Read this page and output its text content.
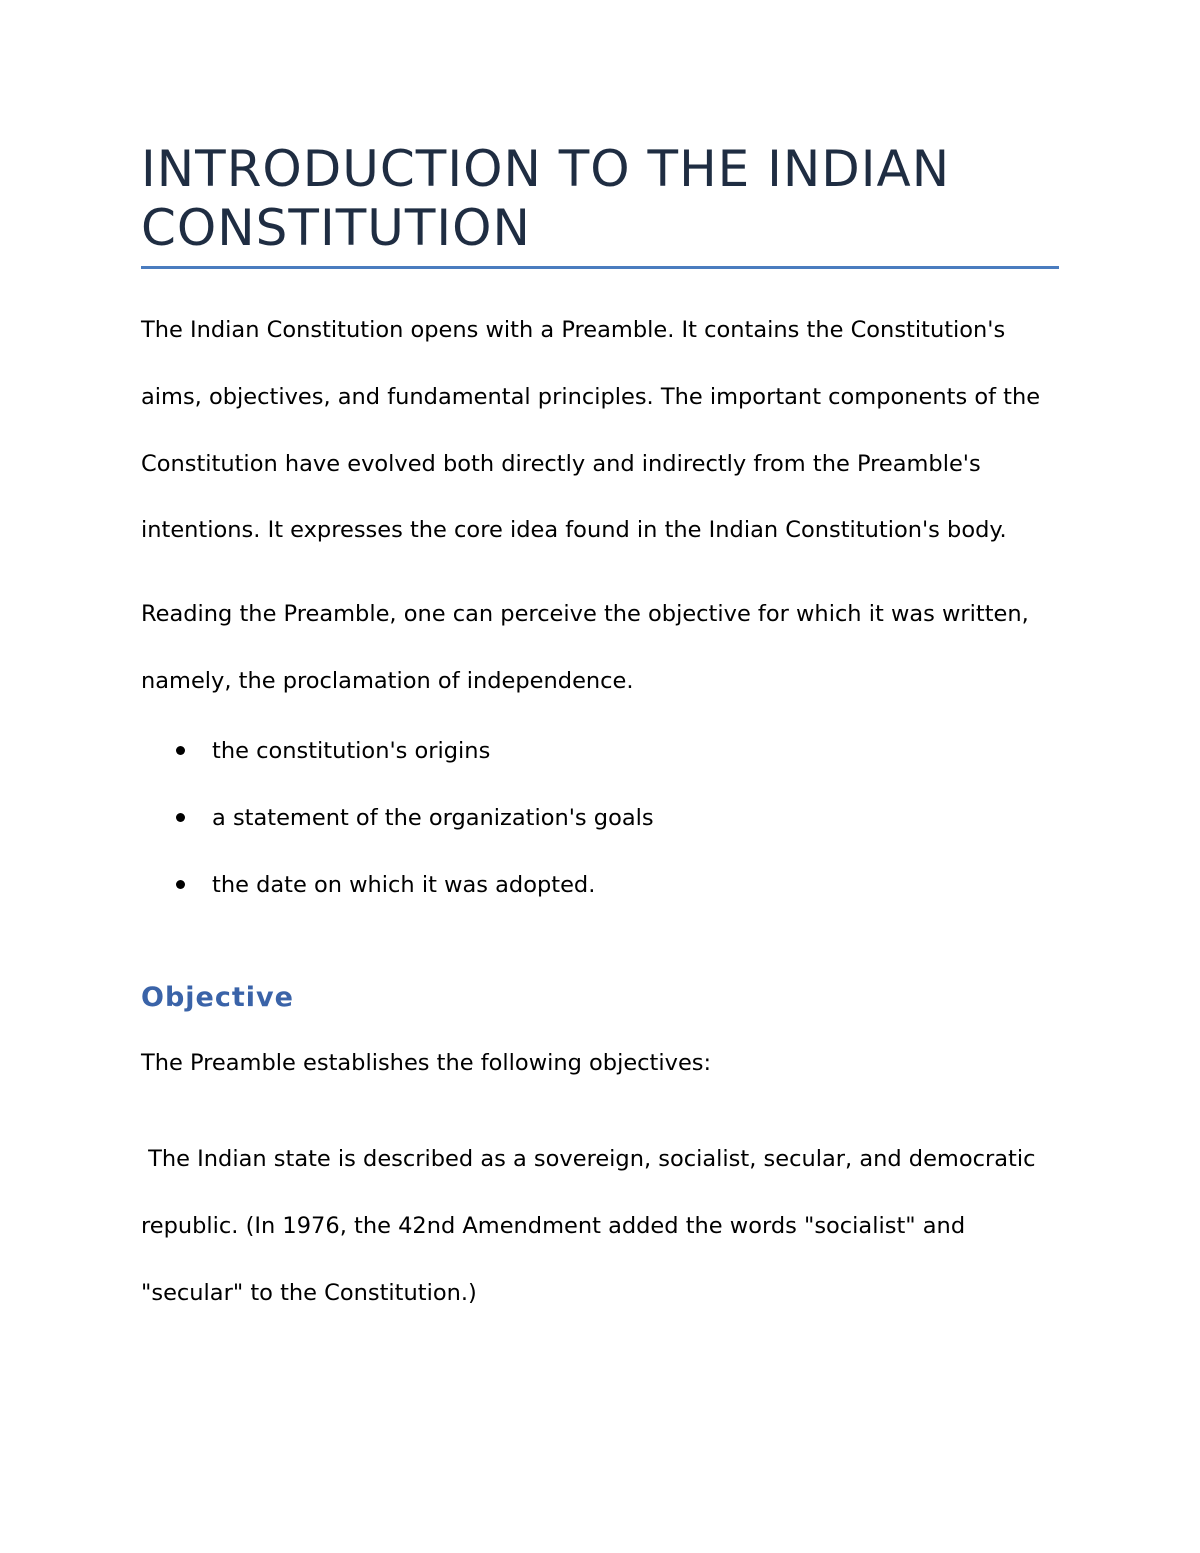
INTRODUCTION TO THE INDIAN CONSTITUTION

The Indian Constitution opens with a Preamble. It contains the Constitution's aims, objectives, and fundamental principles. The important components of the Constitution have evolved both directly and indirectly from the Preamble's intentions. It expresses the core idea found in the Indian Constitution's body.

Reading the Preamble, one can perceive the objective for which it was written, namely, the proclamation of independence.

the constitution's origins
a statement of the organization's goals
the date on which it was adopted.
Objective

The Preamble establishes the following objectives:

The Indian state is described as a sovereign, socialist, secular, and democratic republic. (In 1976, the 42nd Amendment added the words "socialist" and "secular" to the Constitution.)
